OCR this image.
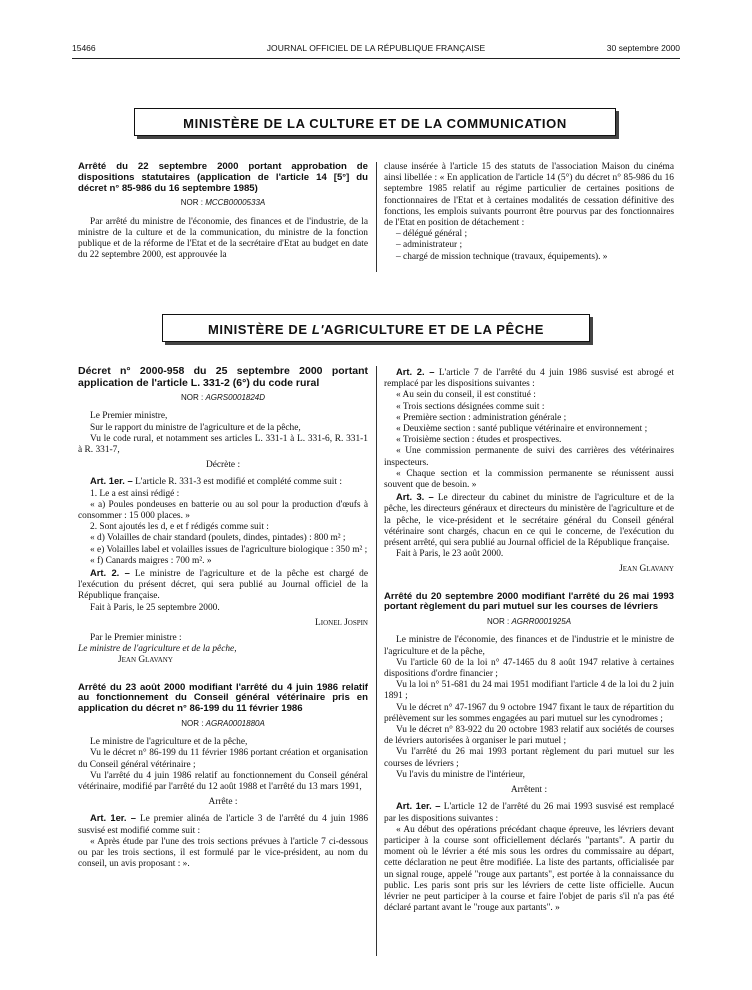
15466	JOURNAL OFFICIEL DE LA RÉPUBLIQUE FRANÇAISE	30 septembre 2000
MINISTÈRE DE LA CULTURE ET DE LA COMMUNICATION
Arrêté du 22 septembre 2000 portant approbation de dispositions statutaires (application de l'article 14 [5°] du décret n° 85-986 du 16 septembre 1985)
NOR : MCCB0000533A

Par arrêté du ministre de l'économie, des finances et de l'industrie, de la ministre de la culture et de la communication, du ministre de la fonction publique et de la réforme de l'Etat et de la secrétaire d'Etat au budget en date du 22 septembre 2000, est approuvée la

clause insérée à l'article 15 des statuts de l'association Maison du cinéma ainsi libellée : « En application de l'article 14 (5°) du décret n° 85-986 du 16 septembre 1985 relatif au régime particulier de certaines positions de fonctionnaires de l'Etat et à certaines modalités de cessation définitive des fonctions, les emplois suivants pourront être pourvus par des fonctionnaires de l'Etat en position de détachement :

– délégué général ;

– administrateur ;

– chargé de mission technique (travaux, équipements). »

MINISTÈRE DE L'AGRICULTURE ET DE LA PÊCHE
Décret n° 2000-958 du 25 septembre 2000 portant application de l'article L. 331-2 (6°) du code rural
NOR : AGRS0001824D

Le Premier ministre,

Sur le rapport du ministre de l'agriculture et de la pêche,

Vu le code rural, et notamment ses articles L. 331-1 à L. 331-6, R. 331-1 à R. 331-7,

Décrète :

Art. 1er. – L'article R. 331-3 est modifié et complété comme suit :

1. Le a est ainsi rédigé :

« a) Poules pondeuses en batterie ou au sol pour la production d'œufs à consommer : 15 000 places. »

2. Sont ajoutés les d, e et f rédigés comme suit :

« d) Volailles de chair standard (poulets, dindes, pintades) : 800 m² ;

« e) Volailles label et volailles issues de l'agriculture biologique : 350 m² ;

« f) Canards maigres : 700 m². »

Art. 2. – Le ministre de l'agriculture et de la pêche est chargé de l'exécution du présent décret, qui sera publié au Journal officiel de la République française.

Fait à Paris, le 25 septembre 2000.

Lionel Jospin

Par le Premier ministre :

Le ministre de l'agriculture et de la pêche,

Jean Glavany

Arrêté du 23 août 2000 modifiant l'arrêté du 4 juin 1986 relatif au fonctionnement du Conseil général vétérinaire pris en application du décret n° 86-199 du 11 février 1986
NOR : AGRA0001880A

Le ministre de l'agriculture et de la pêche,

Vu le décret n° 86-199 du 11 février 1986 portant création et organisation du Conseil général vétérinaire ;

Vu l'arrêté du 4 juin 1986 relatif au fonctionnement du Conseil général vétérinaire, modifié par l'arrêté du 12 août 1988 et l'arrêté du 13 mars 1991,

Arrête :

Art. 1er. – Le premier alinéa de l'article 3 de l'arrêté du 4 juin 1986 susvisé est modifié comme suit :

« Après étude par l'une des trois sections prévues à l'article 7 ci-dessous ou par les trois sections, il est formulé par le vice-président, au nom du conseil, un avis proposant : ».

Art. 2. – L'article 7 de l'arrêté du 4 juin 1986 susvisé est abrogé et remplacé par les dispositions suivantes :

« Au sein du conseil, il est constitué :

« Trois sections désignées comme suit :

« Première section : administration générale ;

« Deuxième section : santé publique vétérinaire et environnement ;

« Troisième section : études et prospectives.

« Une commission permanente de suivi des carrières des vétérinaires inspecteurs.

« Chaque section et la commission permanente se réunissent aussi souvent que de besoin. »

Art. 3. – Le directeur du cabinet du ministre de l'agriculture et de la pêche, les directeurs généraux et directeurs du ministère de l'agriculture et de la pêche, le vice-président et le secrétaire général du Conseil général vétérinaire sont chargés, chacun en ce qui le concerne, de l'exécution du présent arrêté, qui sera publié au Journal officiel de la République française.

Fait à Paris, le 23 août 2000.

Jean Glavany

Arrêté du 20 septembre 2000 modifiant l'arrêté du 26 mai 1993 portant règlement du pari mutuel sur les courses de lévriers
NOR : AGRR0001925A

Le ministre de l'économie, des finances et de l'industrie et le ministre de l'agriculture et de la pêche,

Vu l'article 60 de la loi n° 47-1465 du 8 août 1947 relative à certaines dispositions d'ordre financier ;

Vu la loi n° 51-681 du 24 mai 1951 modifiant l'article 4 de la loi du 2 juin 1891 ;

Vu le décret n° 47-1967 du 9 octobre 1947 fixant le taux de répartition du prélèvement sur les sommes engagées au pari mutuel sur les cynodromes ;

Vu le décret n° 83-922 du 20 octobre 1983 relatif aux sociétés de courses de lévriers autorisées à organiser le pari mutuel ;

Vu l'arrêté du 26 mai 1993 portant règlement du pari mutuel sur les courses de lévriers ;

Vu l'avis du ministre de l'intérieur,

Arrêtent :

Art. 1er. – L'article 12 de l'arrêté du 26 mai 1993 susvisé est remplacé par les dispositions suivantes :

« Au début des opérations précédant chaque épreuve, les lévriers devant participer à la course sont officiellement déclarés "partants". A partir du moment où le lévrier a été mis sous les ordres du commissaire au départ, cette déclaration ne peut être modifiée. La liste des partants, officialisée par un signal rouge, appelé "rouge aux partants", est portée à la connaissance du public. Les paris sont pris sur les lévriers de cette liste officielle. Aucun lévrier ne peut participer à la course et faire l'objet de paris s'il n'a pas été déclaré partant avant le "rouge aux partants". »
